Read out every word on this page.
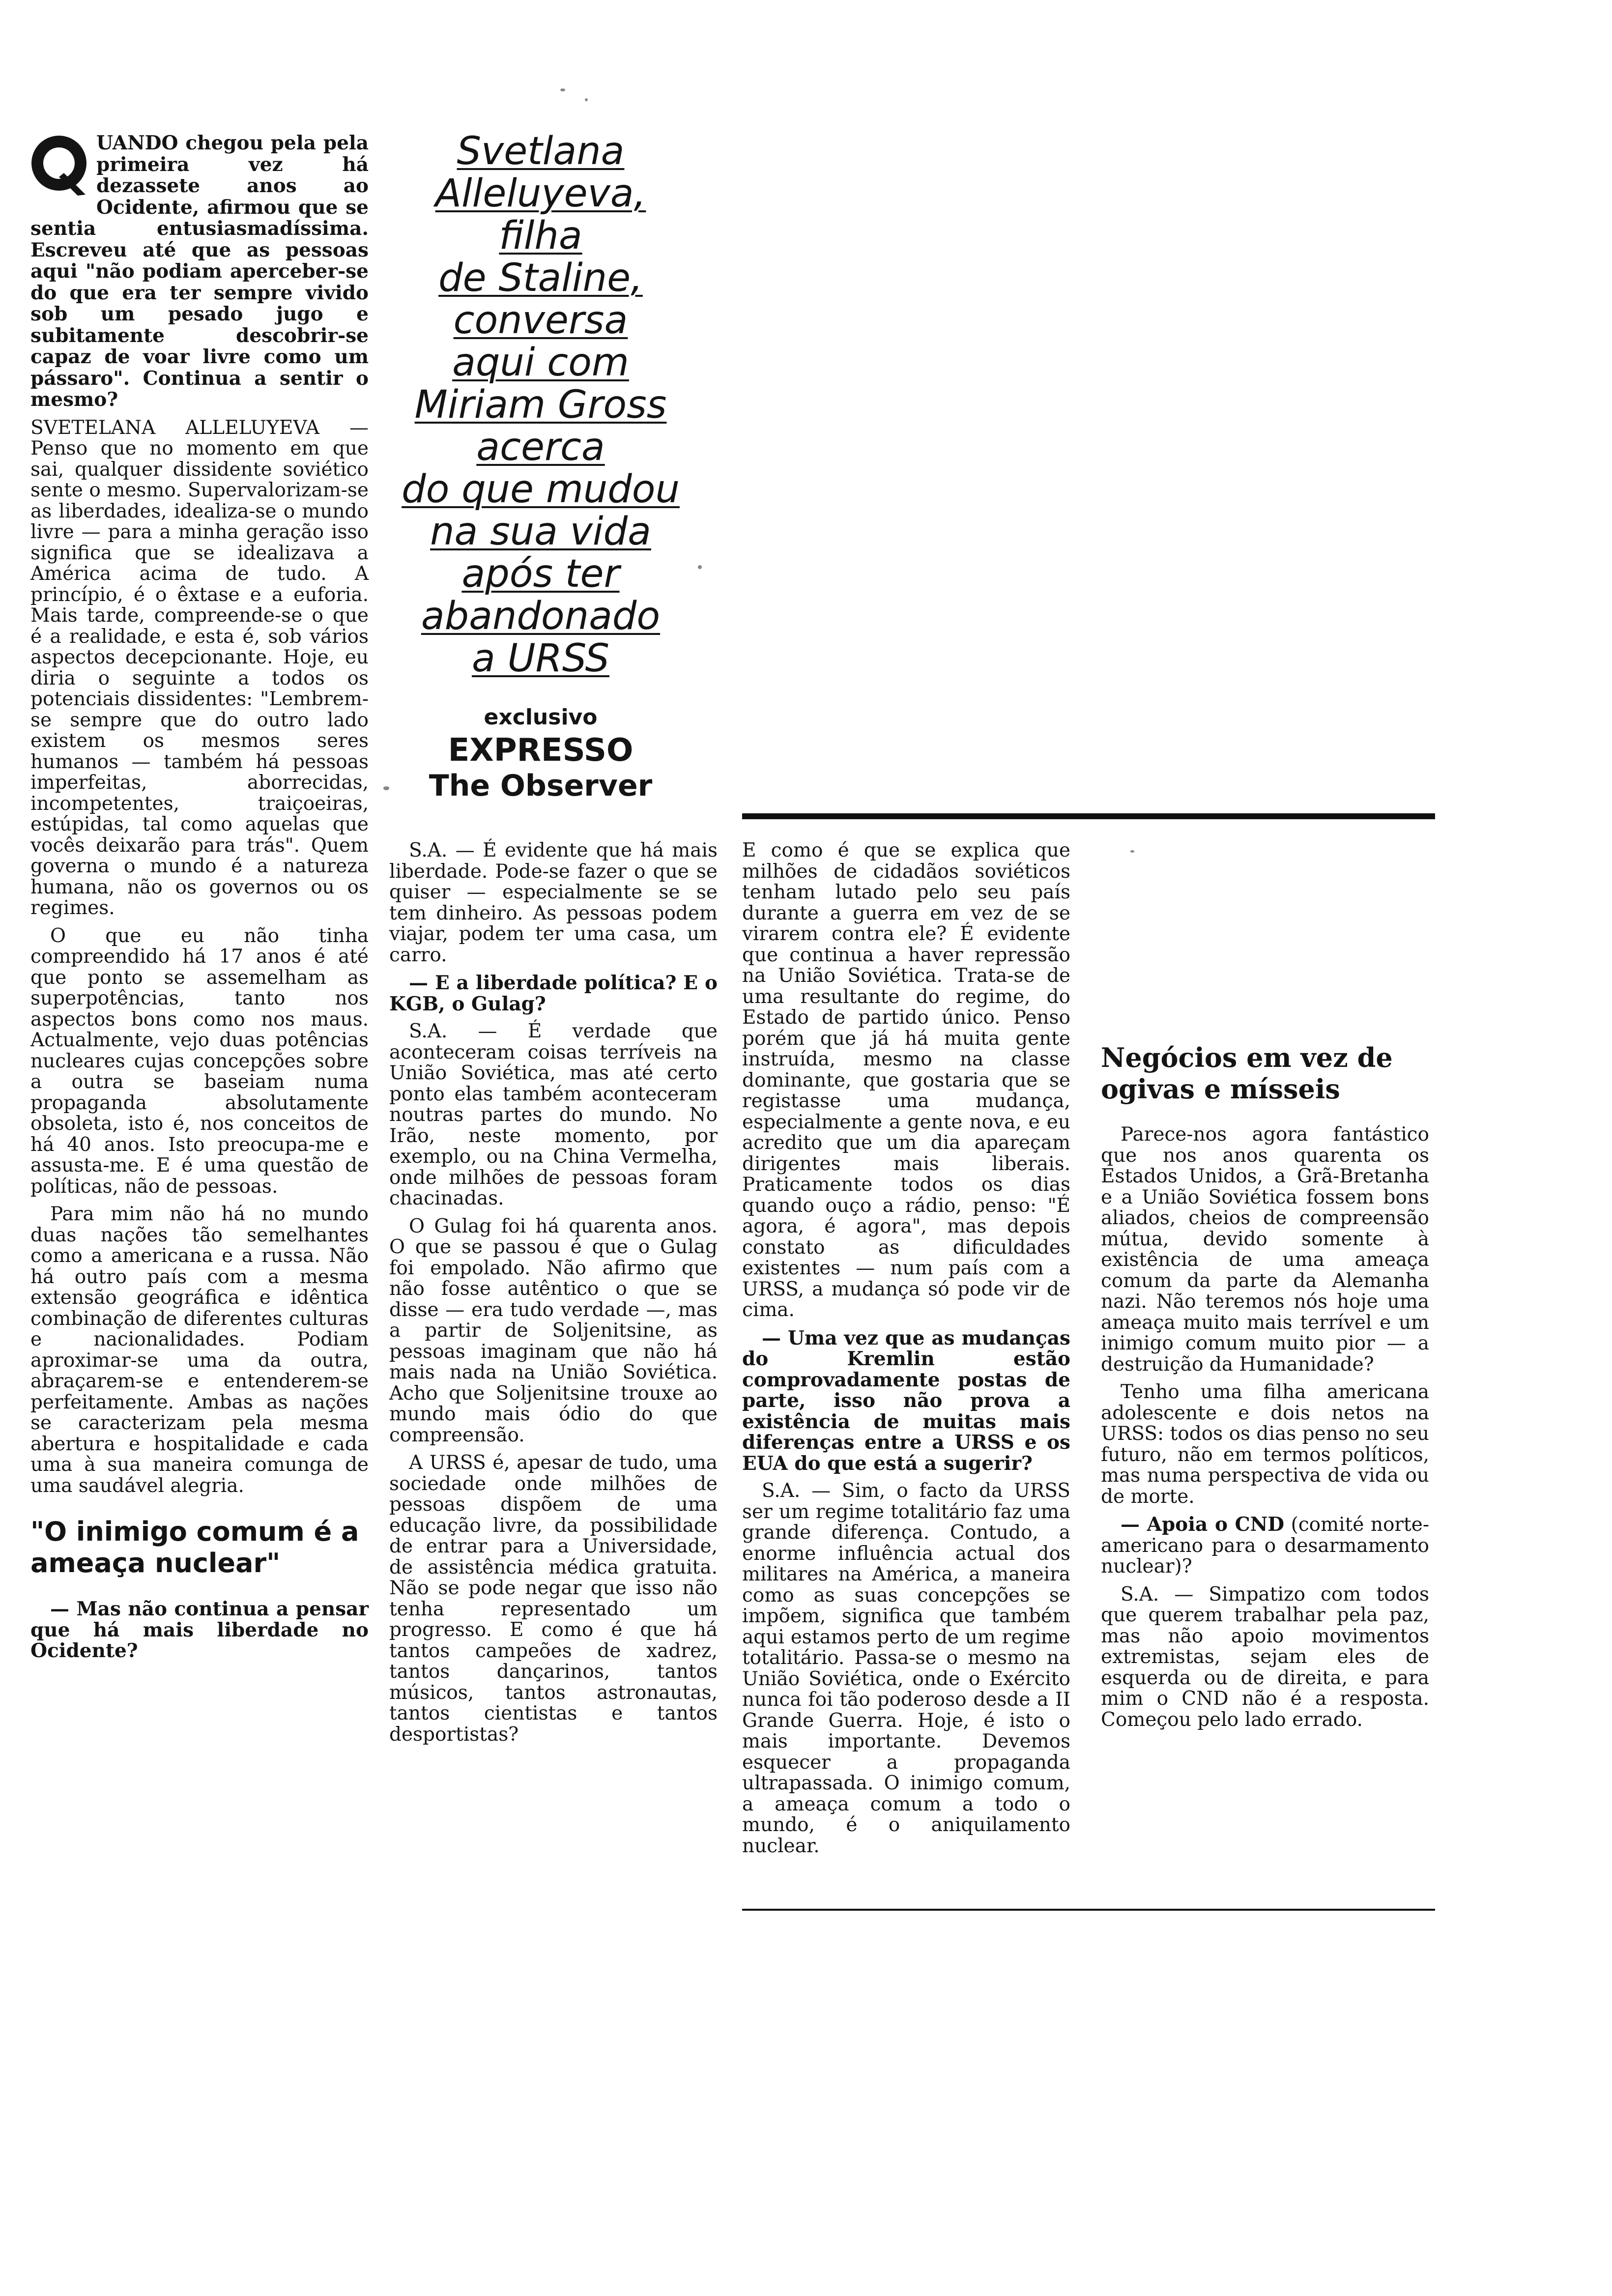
Svetlana
Alleluyeva,
filha
de Staline,
conversa
aqui com
Miriam Gross
acerca
do que mudou
na sua vida
após ter
abandonado
a URSS
exclusivo
EXPRESSO
The Observer

UANDO chegou pela pela primeira vez há dezassete anos ao Ocidente, afirmou que se sentia entusiasmadíssima. Escreveu até que as pessoas aqui "não podiam aperceber-se do que era ter sempre vivido sob um pesado jugo e subitamente descobrir-se capaz de voar livre como um pássaro". Continua a sentir o mesmo?

SVETELANA ALLELUYEVA — Penso que no momento em que sai, qualquer dissidente soviético sente o mesmo. Supervalorizam-se as liberdades, idealiza-se o mundo livre — para a minha geração isso significa que se idealizava a América acima de tudo. A princípio, é o êxtase e a euforia. Mais tarde, compreende-se o que é a realidade, e esta é, sob vários aspectos decepcionante. Hoje, eu diria o seguinte a todos os potenciais dissidentes: "Lembrem-se sempre que do outro lado existem os mesmos seres humanos — também há pessoas imperfeitas, aborrecidas, incompetentes, traiçoeiras, estúpidas, tal como aquelas que vocês deixarão para trás". Quem governa o mundo é a natureza humana, não os governos ou os regimes.

O que eu não tinha compreendido há 17 anos é até que ponto se assemelham as superpotências, tanto nos aspectos bons como nos maus. Actualmente, vejo duas potências nucleares cujas concepções sobre a outra se baseiam numa propaganda absolutamente obsoleta, isto é, nos conceitos de há 40 anos. Isto preocupa-me e assusta-me. E é uma questão de políticas, não de pessoas.

Para mim não há no mundo duas nações tão semelhantes como a americana e a russa. Não há outro país com a mesma extensão geográfica e idêntica combinação de diferentes culturas e nacionalidades. Podiam aproximar-se uma da outra, abraçarem-se e entenderem-se perfeitamente. Ambas as nações se caracterizam pela mesma abertura e hospitalidade e cada uma à sua maneira comunga de uma saudável alegria.

"O inimigo comum é a ameaça nuclear"

— Mas não continua a pensar que há mais liberdade no Ocidente?

S.A. — É evidente que há mais liberdade. Pode-se fazer o que se quiser — especialmente se se tem dinheiro. As pessoas podem viajar, podem ter uma casa, um carro.

— E a liberdade política? E o KGB, o Gulag?

S.A. — É verdade que aconteceram coisas terríveis na União Soviética, mas até certo ponto elas também aconteceram noutras partes do mundo. No Irão, neste momento, por exemplo, ou na China Vermelha, onde milhões de pessoas foram chacinadas.

O Gulag foi há quarenta anos. O que se passou é que o Gulag foi empolado. Não afirmo que não fosse autêntico o que se disse — era tudo verdade —, mas a partir de Soljenitsine, as pessoas imaginam que não há mais nada na União Soviética. Acho que Soljenitsine trouxe ao mundo mais ódio do que compreensão.

A URSS é, apesar de tudo, uma sociedade onde milhões de pessoas dispõem de uma educação livre, da possibilidade de entrar para a Universidade, de assistência médica gratuita. Não se pode negar que isso não tenha representado um progresso. E como é que há tantos campeões de xadrez, tantos dançarinos, tantos músicos, tantos astronautas, tantos cientistas e tantos desportistas?

E como é que se explica que milhões de cidadãos soviéticos tenham lutado pelo seu país durante a guerra em vez de se virarem contra ele? É evidente que continua a haver repressão na União Soviética. Trata-se de uma resultante do regime, do Estado de partido único. Penso porém que já há muita gente instruída, mesmo na classe dominante, que gostaria que se registasse uma mudança, especialmente a gente nova, e eu acredito que um dia apareçam dirigentes mais liberais. Praticamente todos os dias quando ouço a rádio, penso: "É agora, é agora", mas depois constato as dificuldades existentes — num país com a URSS, a mudança só pode vir de cima.

— Uma vez que as mudanças do Kremlin estão comprovadamente postas de parte, isso não prova a existência de muitas mais diferenças entre a URSS e os EUA do que está a sugerir?

S.A. — Sim, o facto da URSS ser um regime totalitário faz uma grande diferença. Contudo, a enorme influência actual dos militares na América, a maneira como as suas concepções se impõem, significa que também aqui estamos perto de um regime totalitário. Passa-se o mesmo na União Soviética, onde o Exército nunca foi tão poderoso desde a II Grande Guerra. Hoje, é isto o mais importante. Devemos esquecer a propaganda ultrapassada. O inimigo comum, a ameaça comum a todo o mundo, é o aniquilamento nuclear.

Negócios em vez de ogivas e mísseis

Parece-nos agora fantástico que nos anos quarenta os Estados Unidos, a Grã-Bretanha e a União Soviética fossem bons aliados, cheios de compreensão mútua, devido somente à existência de uma ameaça comum da parte da Alemanha nazi. Não teremos nós hoje uma ameaça muito mais terrível e um inimigo comum muito pior — a destruição da Humanidade?

Tenho uma filha americana adolescente e dois netos na URSS: todos os dias penso no seu futuro, não em termos políticos, mas numa perspectiva de vida ou de morte.

— Apoia o CND (comité norte-americano para o desarmamento nuclear)?

S.A. — Simpatizo com todos que querem trabalhar pela paz, mas não apoio movimentos extremistas, sejam eles de esquerda ou de direita, e para mim o CND não é a resposta. Começou pelo lado errado.
